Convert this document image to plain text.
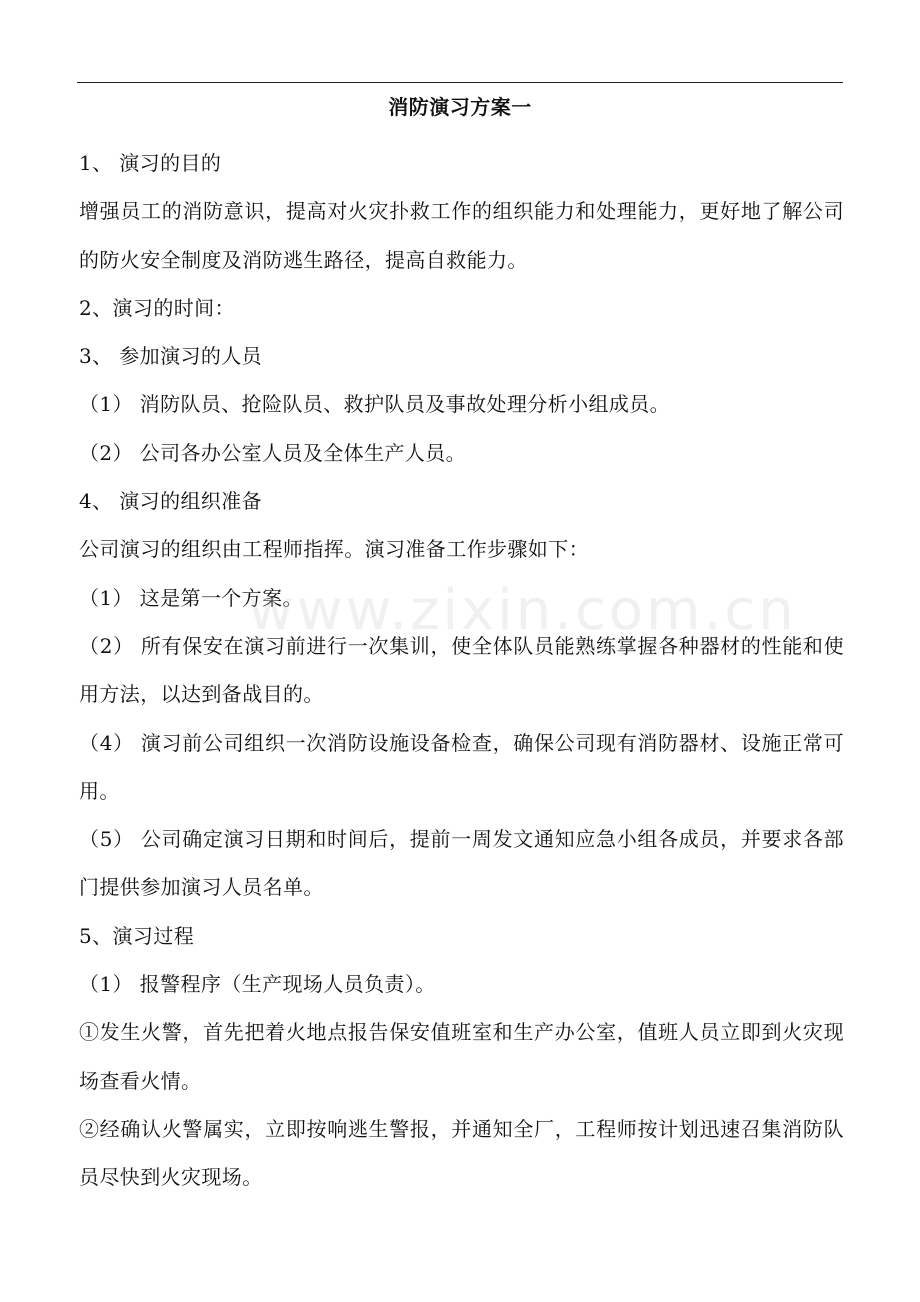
消防演习方案一

1、 演习的目的

增强员工的消防意识，提高对火灾扑救工作的组织能力和处理能力，更好地了解公司的防火安全制度及消防逃生路径，提高自救能力。

2、演习的时间：

3、 参加演习的人员

（1） 消防队员、抢险队员、救护队员及事故处理分析小组成员。

（2） 公司各办公室人员及全体生产人员。

4、 演习的组织准备

公司演习的组织由工程师指挥。演习准备工作步骤如下：

（1） 这是第一个方案。

（2） 所有保安在演习前进行一次集训，使全体队员能熟练掌握各种器材的性能和使用方法，以达到备战目的。

（4） 演习前公司组织一次消防设施设备检查，确保公司现有消防器材、设施正常可用。

（5） 公司确定演习日期和时间后，提前一周发文通知应急小组各成员，并要求各部门提供参加演习人员名单。

5、演习过程

（1） 报警程序（生产现场人员负责）。

①发生火警，首先把着火地点报告保安值班室和生产办公室，值班人员立即到火灾现场查看火情。

②经确认火警属实，立即按响逃生警报，并通知全厂，工程师按计划迅速召集消防队员尽快到火灾现场。

www.zixin.com.cn
